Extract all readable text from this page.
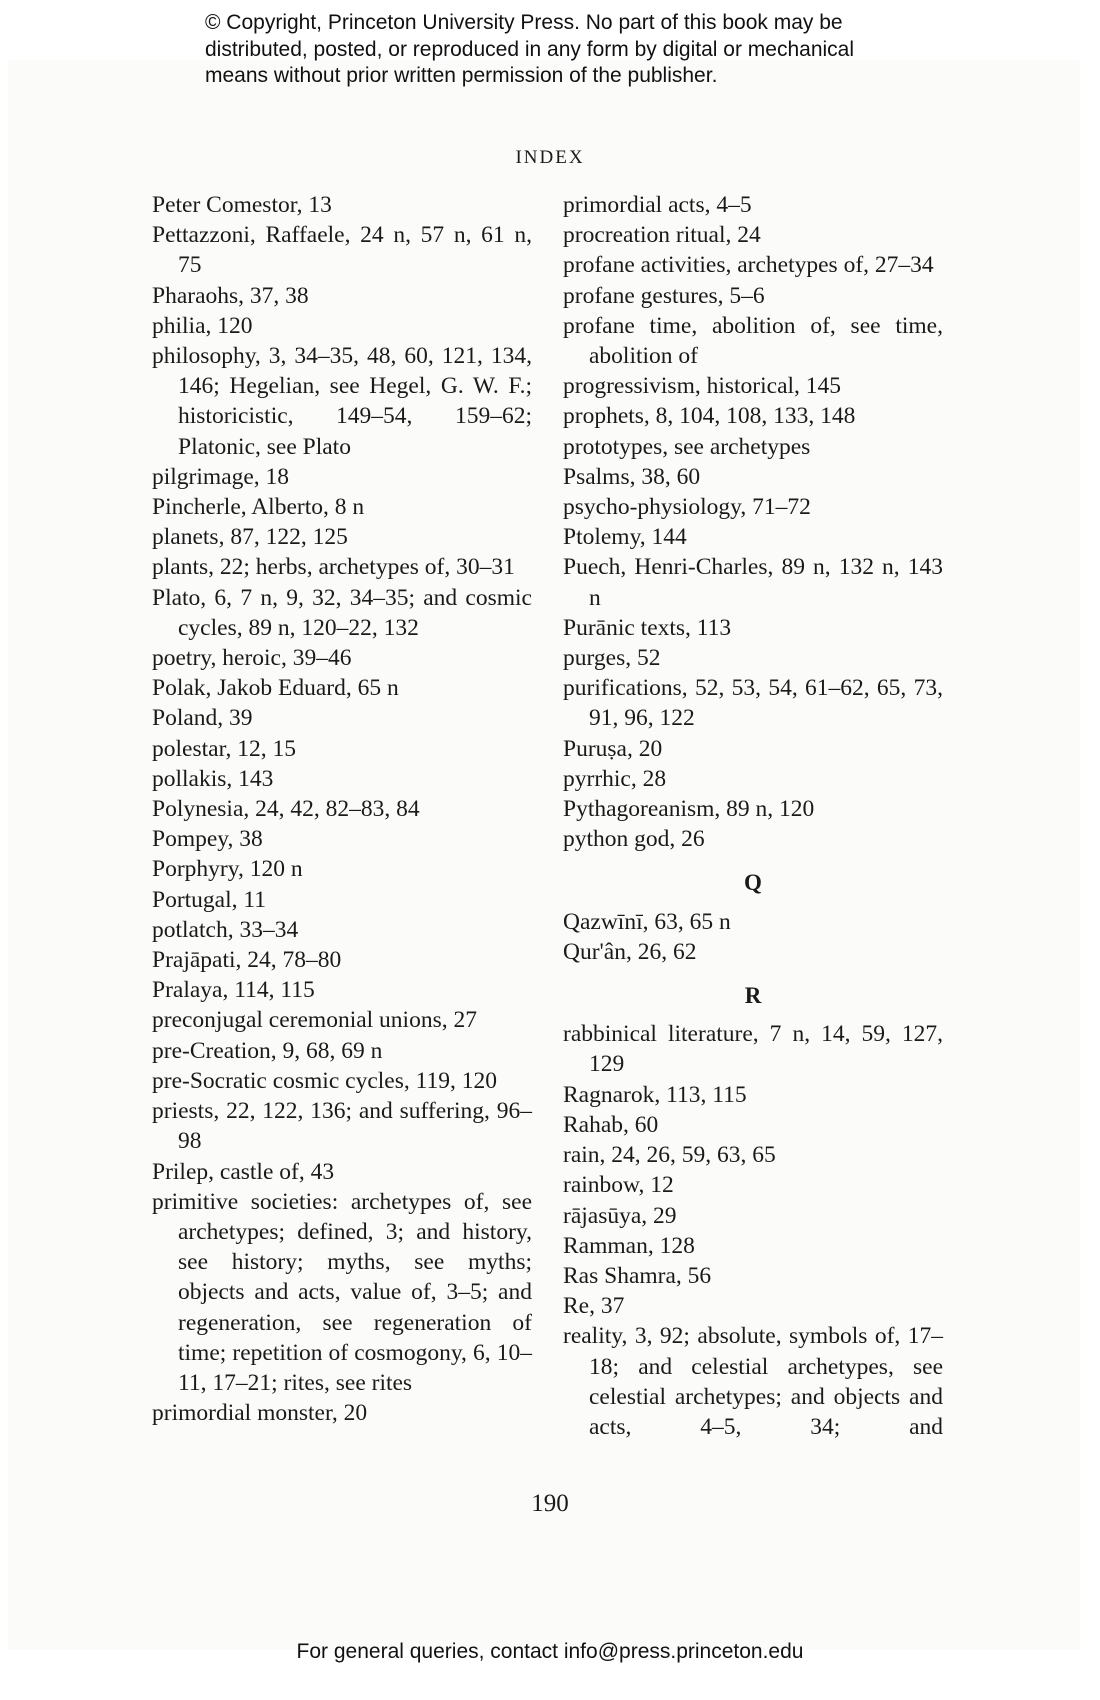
© Copyright, Princeton University Press. No part of this book may be
distributed, posted, or reproduced in any form by digital or mechanical
means without prior written permission of the publisher.
INDEX
Peter Comestor, 13
Pettazzoni, Raffaele, 24 n, 57 n, 61 n, 75
Pharaohs, 37, 38
philia, 120
philosophy, 3, 34–35, 48, 60, 121, 134, 146; Hegelian, see Hegel, G. W. F.; historicistic, 149–54, 159–62; Platonic, see Plato
pilgrimage, 18
Pincherle, Alberto, 8 n
planets, 87, 122, 125
plants, 22; herbs, archetypes of, 30–31
Plato, 6, 7 n, 9, 32, 34–35; and cosmic cycles, 89 n, 120–22, 132
poetry, heroic, 39–46
Polak, Jakob Eduard, 65 n
Poland, 39
polestar, 12, 15
pollakis, 143
Polynesia, 24, 42, 82–83, 84
Pompey, 38
Porphyry, 120 n
Portugal, 11
potlatch, 33–34
Prajāpati, 24, 78–80
Pralaya, 114, 115
preconjugal ceremonial unions, 27
pre-Creation, 9, 68, 69 n
pre-Socratic cosmic cycles, 119, 120
priests, 22, 122, 136; and suffering, 96–98
Prilep, castle of, 43
primitive societies: archetypes of, see archetypes; defined, 3; and history, see history; myths, see myths; objects and acts, value of, 3–5; and regeneration, see regeneration of time; repetition of cosmogony, 6, 10–11, 17–21; rites, see rites
primordial monster, 20
primordial acts, 4–5
procreation ritual, 24
profane activities, archetypes of, 27–34
profane gestures, 5–6
profane time, abolition of, see time, abolition of
progressivism, historical, 145
prophets, 8, 104, 108, 133, 148
prototypes, see archetypes
Psalms, 38, 60
psycho-physiology, 71–72
Ptolemy, 144
Puech, Henri-Charles, 89 n, 132 n, 143 n
Purānic texts, 113
purges, 52
purifications, 52, 53, 54, 61–62, 65, 73, 91, 96, 122
Puruṣa, 20
pyrrhic, 28
Pythagoreanism, 89 n, 120
python god, 26
Q
Qazwīnī, 63, 65 n
Qur'ân, 26, 62
R
rabbinical literature, 7 n, 14, 59, 127, 129
Ragnarok, 113, 115
Rahab, 60
rain, 24, 26, 59, 63, 65
rainbow, 12
rājasūya, 29
Ramman, 128
Ras Shamra, 56
Re, 37
reality, 3, 92; absolute, symbols of, 17–18; and celestial archetypes, see celestial archetypes; and objects and acts, 4–5, 34; and
190
For general queries, contact info@press.princeton.edu
